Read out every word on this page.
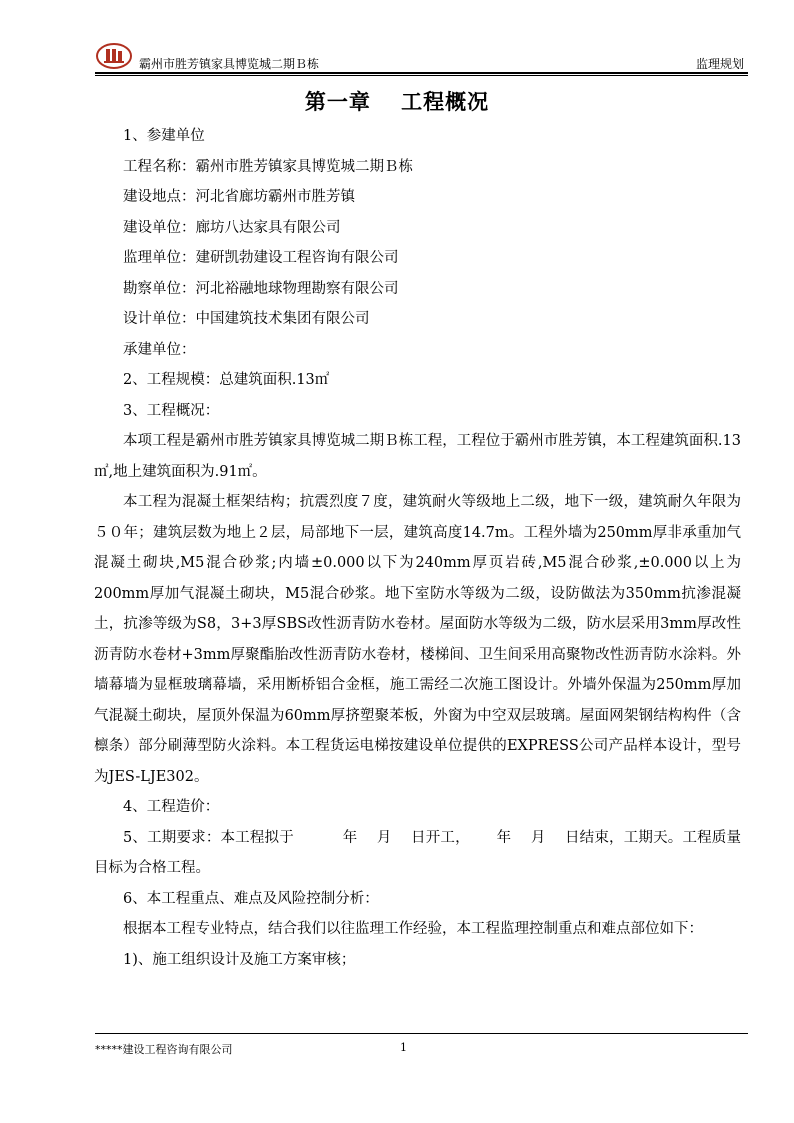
霸州市胜芳镇家具博览城二期Ｂ栋	监理规划
第一章　 工程概况

1、参建单位

工程名称：霸州市胜芳镇家具博览城二期Ｂ栋

建设地点：河北省廊坊霸州市胜芳镇

建设单位：廊坊八达家具有限公司

监理单位：建研凯勃建设工程咨询有限公司

勘察单位：河北裕融地球物理勘察有限公司

设计单位：中国建筑技术集团有限公司

承建单位：

2、工程规模：总建筑面积.13㎡

3、工程概况：

本项工程是霸州市胜芳镇家具博览城二期Ｂ栋工程，工程位于霸州市胜芳镇，本工程建筑面积.13㎡,地上建筑面积为.91㎡。

本工程为混凝土框架结构；抗震烈度７度，建筑耐火等级地上二级，地下一级，建筑耐久年限为５０年；建筑层数为地上２层，局部地下一层，建筑高度14.7m。工程外墙为250mm厚非承重加气混凝土砌块,M5混合砂浆;内墙±0.000以下为240mm厚页岩砖,M5混合砂浆,±0.000以上为200mm厚加气混凝土砌块，M5混合砂浆。地下室防水等级为二级，设防做法为350mm抗渗混凝土，抗渗等级为S8，3+3厚SBS改性沥青防水卷材。屋面防水等级为二级，防水层采用3mm厚改性沥青防水卷材+3mm厚聚酯胎改性沥青防水卷材，楼梯间、卫生间采用高聚物改性沥青防水涂料。外墙幕墙为显框玻璃幕墙，采用断桥铝合金框，施工需经二次施工图设计。外墙外保温为250mm厚加气混凝土砌块，屋顶外保温为60mm厚挤塑聚苯板，外窗为中空双层玻璃。屋面网架钢结构构件（含檩条）部分刷薄型防火涂料。本工程货运电梯按建设单位提供的EXPRESS公司产品样本设计，型号为JES-LJE302。

4、工程造价：

5、工期要求：本工程拟于　　　 年　 月　 日开工，　　 年　 月　 日结束，工期天。工程质量目标为合格工程。

6、本工程重点、难点及风险控制分析：

根据本工程专业特点，结合我们以往监理工作经验，本工程监理控制重点和难点部位如下：

1)、施工组织设计及施工方案审核；

*****建设工程咨询有限公司	1
